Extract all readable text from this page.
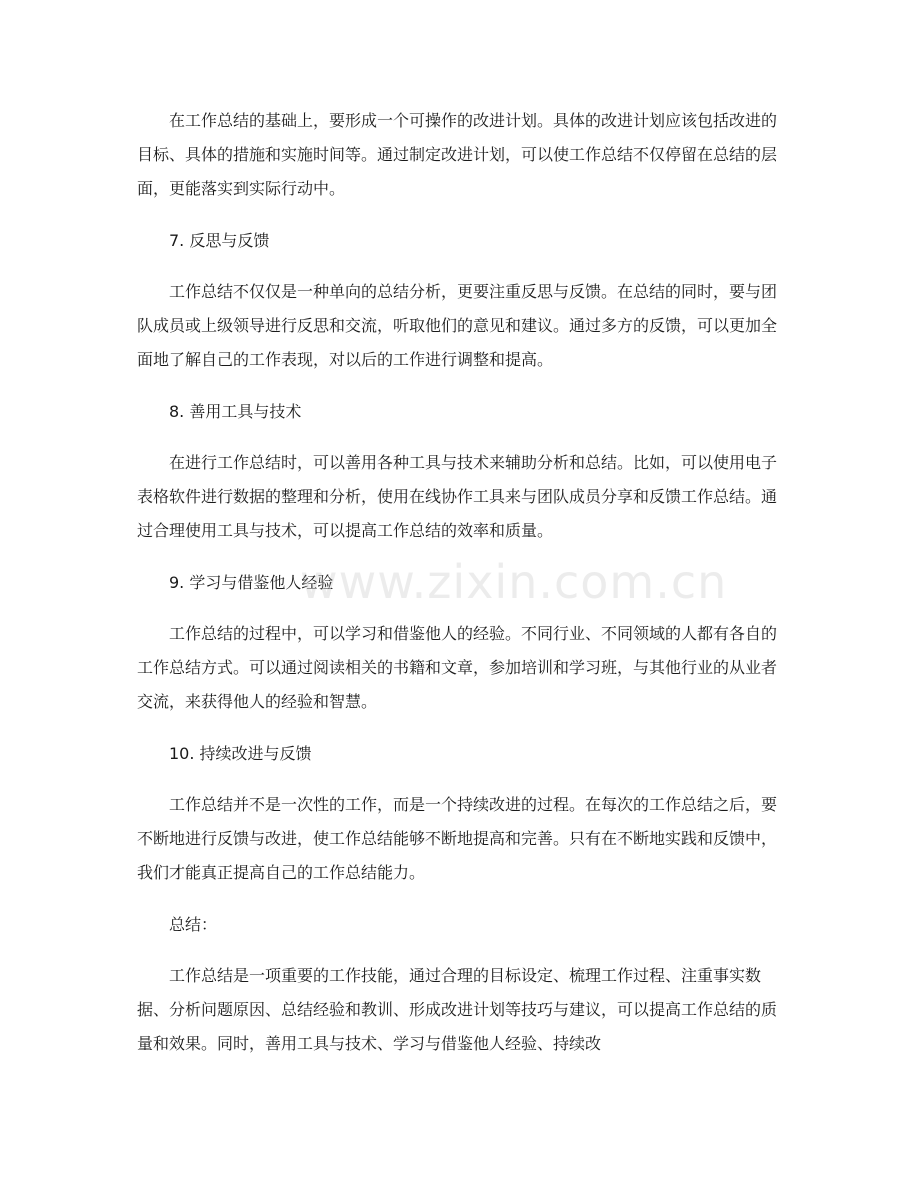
在工作总结的基础上，要形成一个可操作的改进计划。具体的改进计划应该包括改进的目标、具体的措施和实施时间等。通过制定改进计划，可以使工作总结不仅停留在总结的层面，更能落实到实际行动中。

7. 反思与反馈

工作总结不仅仅是一种单向的总结分析，更要注重反思与反馈。在总结的同时，要与团队成员或上级领导进行反思和交流，听取他们的意见和建议。通过多方的反馈，可以更加全面地了解自己的工作表现，对以后的工作进行调整和提高。

8. 善用工具与技术

在进行工作总结时，可以善用各种工具与技术来辅助分析和总结。比如，可以使用电子表格软件进行数据的整理和分析，使用在线协作工具来与团队成员分享和反馈工作总结。通过合理使用工具与技术，可以提高工作总结的效率和质量。

9. 学习与借鉴他人经验

工作总结的过程中，可以学习和借鉴他人的经验。不同行业、不同领域的人都有各自的工作总结方式。可以通过阅读相关的书籍和文章，参加培训和学习班，与其他行业的从业者交流，来获得他人的经验和智慧。

10. 持续改进与反馈

工作总结并不是一次性的工作，而是一个持续改进的过程。在每次的工作总结之后，要不断地进行反馈与改进，使工作总结能够不断地提高和完善。只有在不断地实践和反馈中，我们才能真正提高自己的工作总结能力。

总结：

工作总结是一项重要的工作技能，通过合理的目标设定、梳理工作过程、注重事实数据、分析问题原因、总结经验和教训、形成改进计划等技巧与建议，可以提高工作总结的质量和效果。同时，善用工具与技术、学习与借鉴他人经验、持续改

www.zixin.com.cn
